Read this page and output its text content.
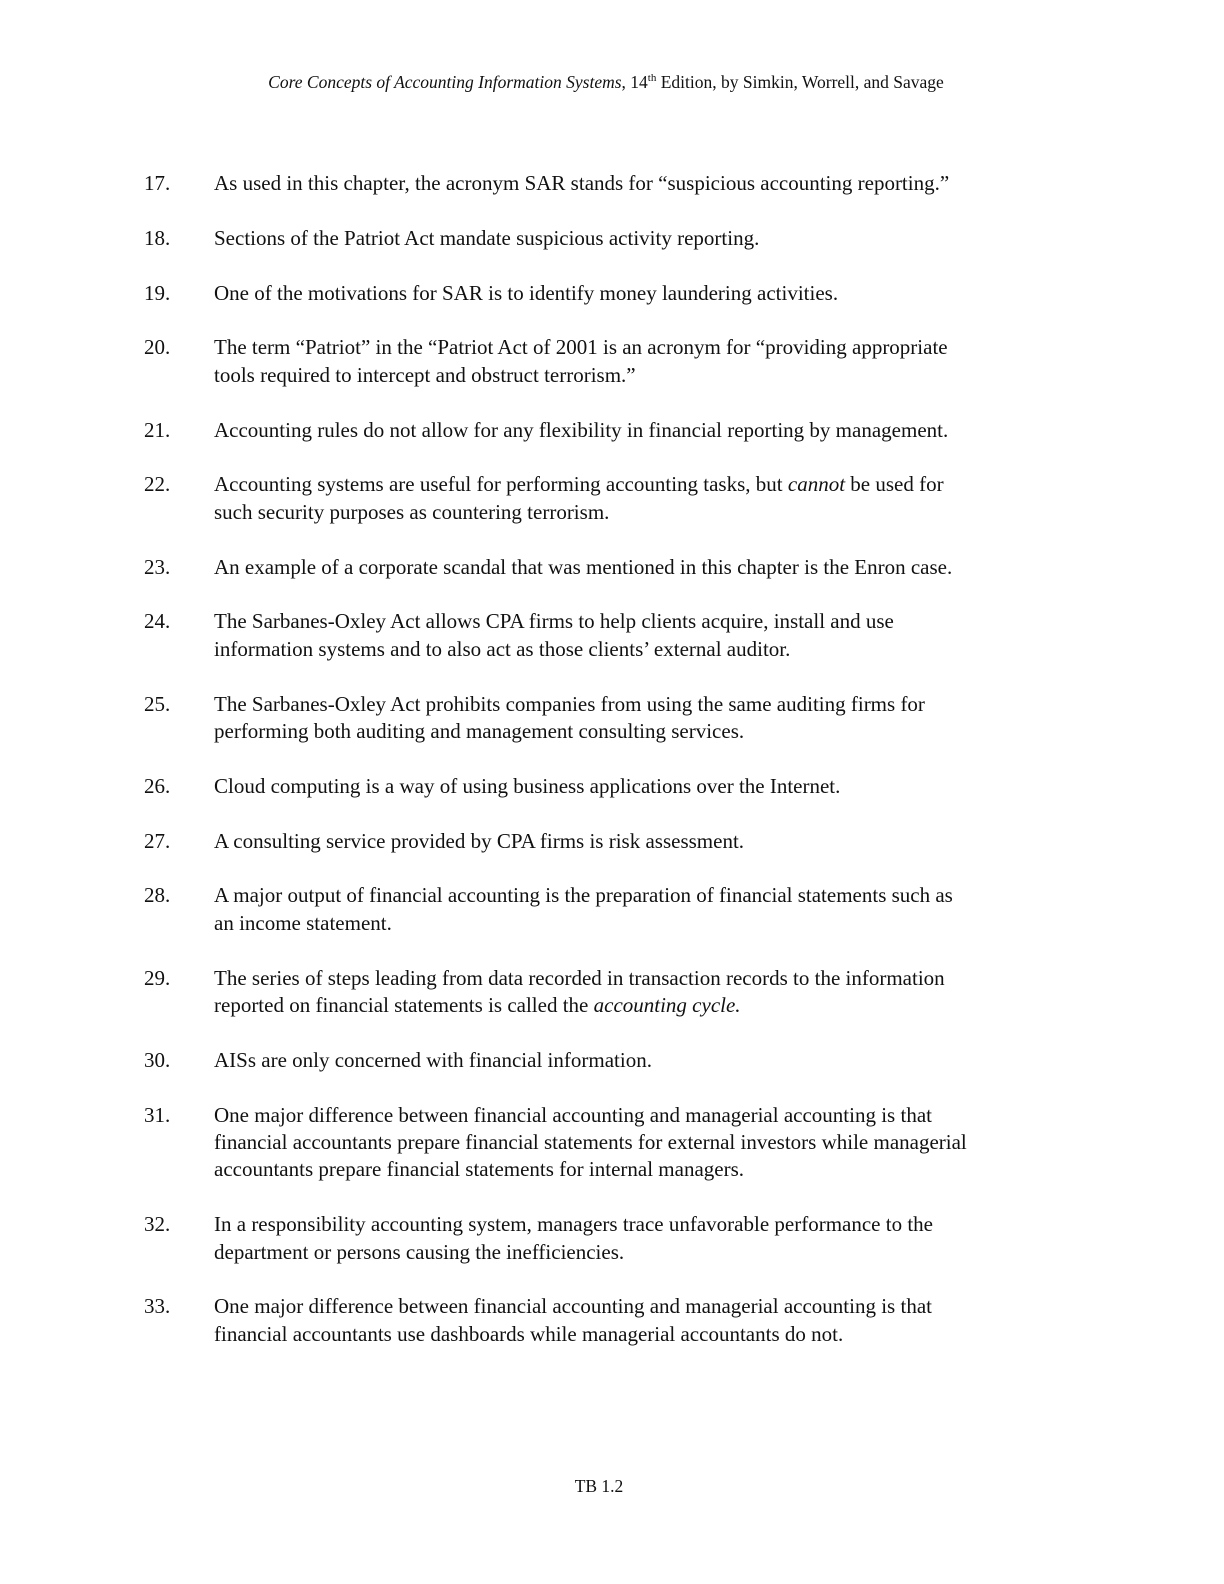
Core Concepts of Accounting Information Systems, 14th Edition, by Simkin, Worrell, and Savage
17. As used in this chapter, the acronym SAR stands for “suspicious accounting reporting.”
18. Sections of the Patriot Act mandate suspicious activity reporting.
19. One of the motivations for SAR is to identify money laundering activities.
20. The term “Patriot” in the “Patriot Act of 2001 is an acronym for “providing appropriate
tools required to intercept and obstruct terrorism.”
21. Accounting rules do not allow for any flexibility in financial reporting by management.
22. Accounting systems are useful for performing accounting tasks, but cannot be used for
such security purposes as countering terrorism.
23. An example of a corporate scandal that was mentioned in this chapter is the Enron case.
24. The Sarbanes-Oxley Act allows CPA firms to help clients acquire, install and use
information systems and to also act as those clients’ external auditor.
25. The Sarbanes-Oxley Act prohibits companies from using the same auditing firms for
performing both auditing and management consulting services.
26. Cloud computing is a way of using business applications over the Internet.
27. A consulting service provided by CPA firms is risk assessment.
28. A major output of financial accounting is the preparation of financial statements such as
an income statement.
29. The series of steps leading from data recorded in transaction records to the information
reported on financial statements is called the accounting cycle.
30. AISs are only concerned with financial information.
31. One major difference between financial accounting and managerial accounting is that
financial accountants prepare financial statements for external investors while managerial
accountants prepare financial statements for internal managers.
32. In a responsibility accounting system, managers trace unfavorable performance to the
department or persons causing the inefficiencies.
33. One major difference between financial accounting and managerial accounting is that
financial accountants use dashboards while managerial accountants do not.
TB 1.2
